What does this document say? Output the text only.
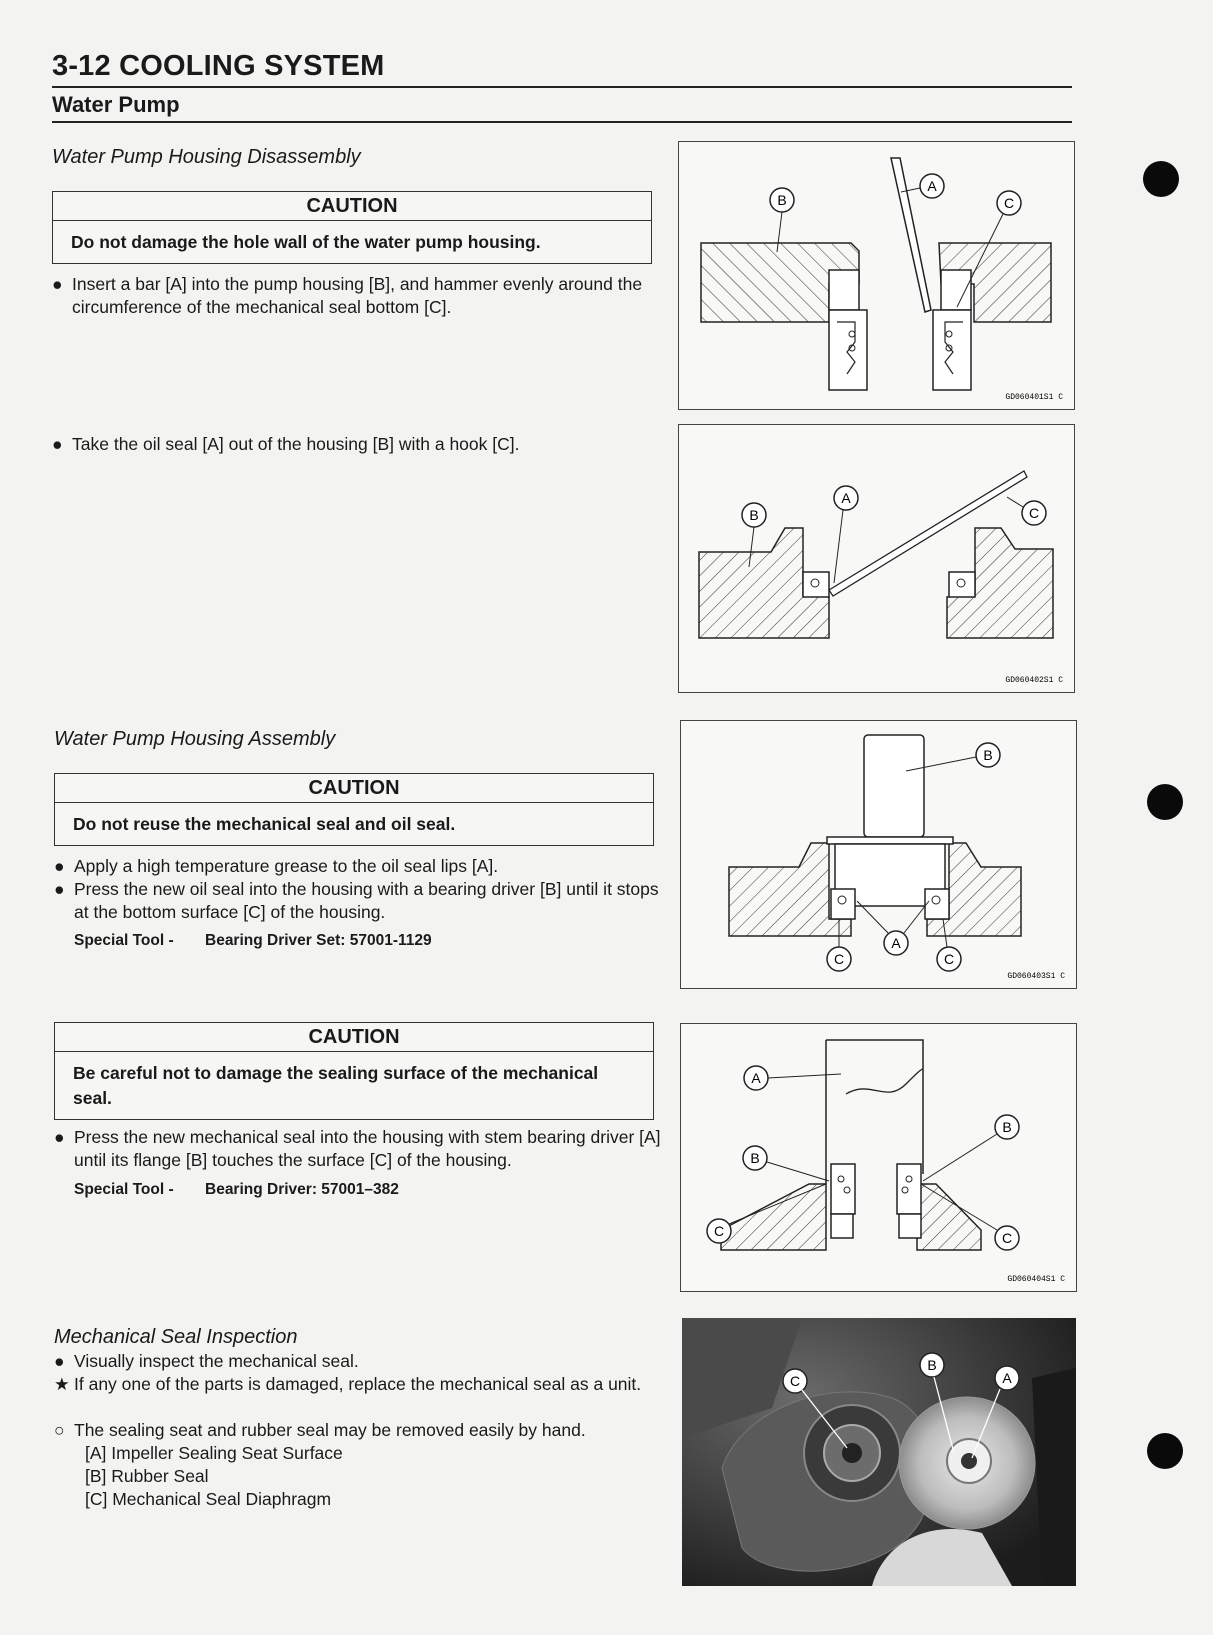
3-12 COOLING SYSTEM
Water Pump
Water Pump Housing Disassembly
CAUTION
Do not damage the hole wall of the water pump housing.
● Insert a bar [A] into the pump housing [B], and hammer evenly around the circumference of the mechanical seal bottom [C].
● Take the oil seal [A] out of the housing [B] with a hook [C].
B
A
C
GD060401S1 C
B
A
C
GD060402S1 C
Water Pump Housing Assembly
CAUTION
Do not reuse the mechanical seal and oil seal.
● Apply a high temperature grease to the oil seal lips [A].
● Press the new oil seal into the housing with a bearing driver [B] until it stops at the bottom surface [C] of the housing.
Special Tool - Bearing Driver Set: 57001-1129
CAUTION
Be careful not to damage the sealing surface of the mechanical seal.
● Press the new mechanical seal into the housing with stem bearing driver [A] until its flange [B] touches the surface [C] of the housing.
Special Tool - Bearing Driver: 57001–382
B
A
C	C
GD060403S1 C
A
B
B
C	C
GD060404S1 C
Mechanical Seal Inspection
● Visually inspect the mechanical seal.
★ If any one of the parts is damaged, replace the mechanical seal as a unit.
○ The sealing seat and rubber seal may be removed easily by hand.
[A] Impeller Sealing Seat Surface
[B] Rubber Seal
[C] Mechanical Seal Diaphragm
C
B
A
